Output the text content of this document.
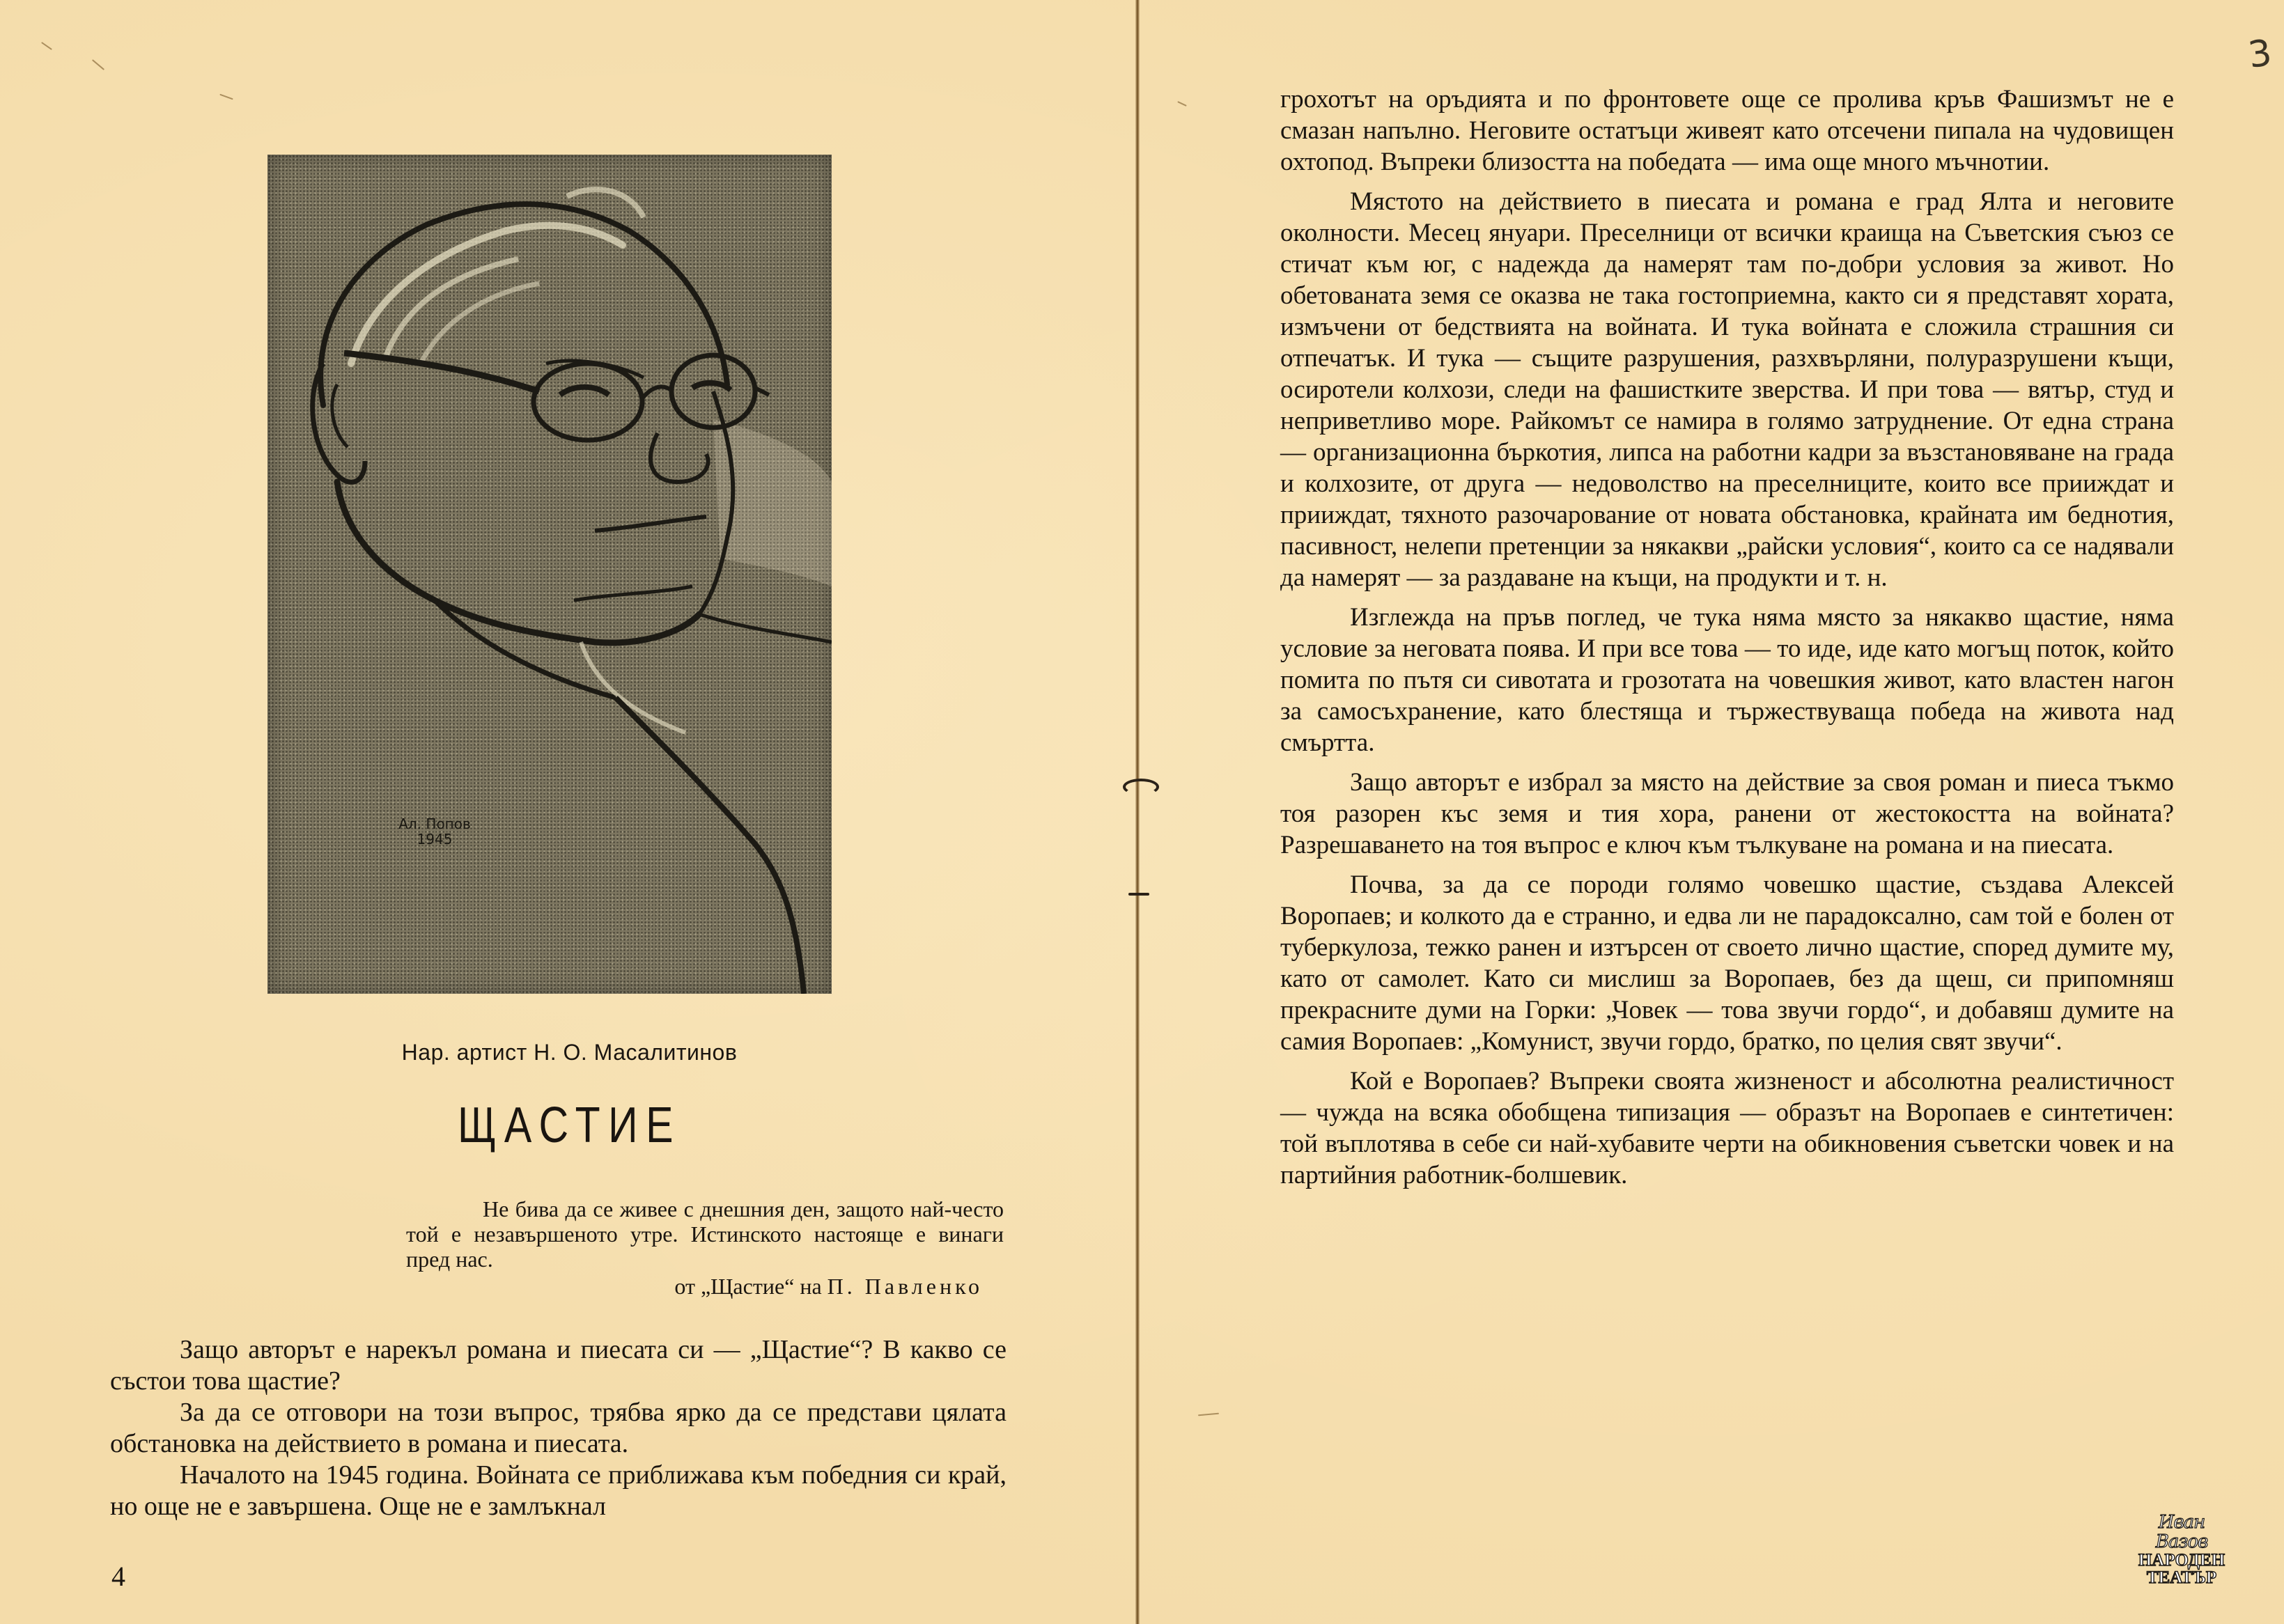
Ал. Попов
1945
Нар. артист Н. О. Масалитинов
ЩАСТИЕ

Не бива да се живее с днешния ден, защото най-често той е незавършеното утре. Истинското настояще е винаги пред нас.

от „Щастие“ на П. Павленко

Защо авторът е нарекъл романа и пиесата си — „Щастие“? В какво се състои това щастие?

За да се отговори на този въпрос, трябва ярко да се представи цялата обстановка на действието в романа и пиесата.

Началото на 1945 година. Войната се приближава към победния си край, но още не е завършена. Още не е замлъкнал

4

грохотът на оръдията и по фронтовете още се пролива кръв Фашизмът не е смазан напълно. Неговите остатъци живеят като отсечени пипала на чудовищен охтопод. Въпреки близостта на победата — има още много мъчнотии.

Мястото на действието в пиесата и романа е град Ялта и неговите околности. Месец януари. Преселници от всички краища на Съветския съюз се стичат към юг, с надежда да намерят там по-добри условия за живот. Но обетованата земя се оказва не така гостоприемна, както си я представят хората, измъчени от бедствията на войната. И тука войната е сложила страшния си отпечатък. И тука — същите разрушения, разхвърляни, полуразрушени къщи, осиротели колхози, следи на фашистките зверства. И при това — вятър, студ и неприветливо море. Райкомът се намира в голямо затруднение. От една страна — организационна бъркотия, липса на работни кадри за възстановяване на града и колхозите, от друга — недоволство на преселниците, които все прииждат и прииждат, тяхното разочарование от новата обстановка, крайната им беднотия, пасивност, нелепи претенции за някакви „райски условия“, които са се надявали да намерят — за раздаване на къщи, на продукти и т. н.

Изглежда на пръв поглед, че тука няма място за някакво щастие, няма условие за неговата поява. И при все това — то иде, иде като могъщ поток, който помита по пътя си сивотата и грозотата на човешкия живот, като властен нагон за самосъхранение, като блестяща и тържествуваща победа на живота над смъртта.

Защо авторът е избрал за място на действие за своя роман и пиеса тъкмо тоя разорен къс земя и тия хора, ранени от жестокостта на войната? Разрешаването на тоя въпрос е ключ към тълкуване на романа и на пиесата.

Почва, за да се породи голямо човешко щастие, създава Алексей Воропаев; и колкото да е странно, и едва ли не парадоксално, сам той е болен от туберкулоза, тежко ранен и изтърсен от своето лично щастие, според думите му, като от самолет. Като си мислиш за Воропаев, без да щеш, си припомняш прекрасните думи на Горки: „Човек — това звучи гордо“, и добавяш думите на самия Воропаев: „Комунист, звучи гордо, братко, по целия свят звучи“.

Кой е Воропаев? Въпреки своята жизненост и абсолютна реалистичност — чужда на всяка обобщена типизация — образът на Воропаев е синтетичен: той въплотява в себе си най-хубавите черти на обикновения съветски човек и на партийния работник-болшевик.

3
Иван Вазов
НАРОДЕН
ТЕАТЪР
